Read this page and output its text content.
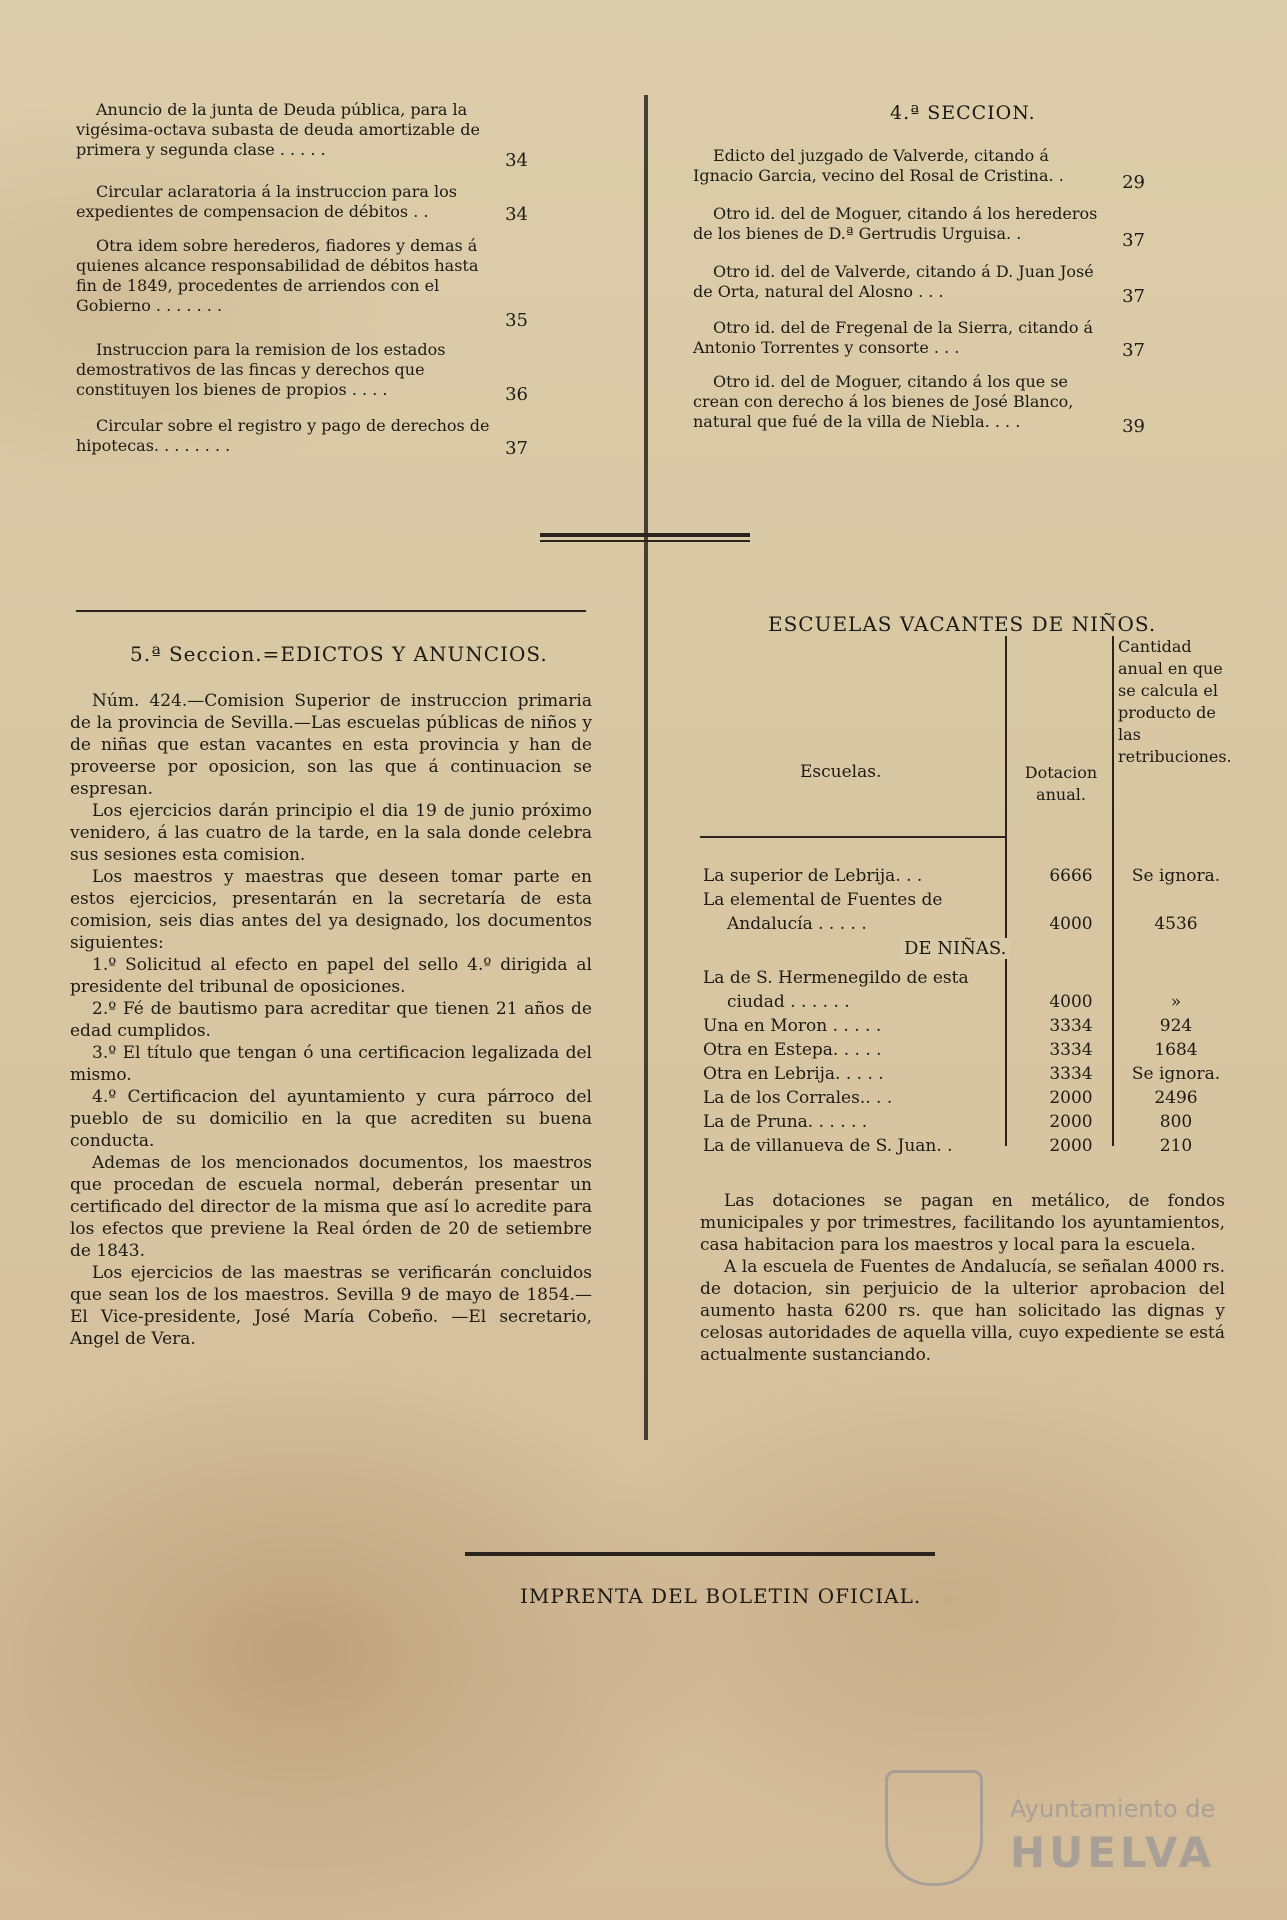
Anuncio de la junta de Deuda pública, para la vigésima-octava subasta de deuda amortizable de primera y segunda clase . . . . .
34
Circular aclaratoria á la instruccion para los expedientes de compensacion de débitos . .	34
Otra idem sobre herederos, fiadores y demas á quienes alcance responsabilidad de débitos hasta fin de 1849, procedentes de arriendos con el Gobierno . . . . . . .
35
Instruccion para la remision de los estados demostrativos de las fincas y derechos que constituyen los bienes de propios . . . .	36
Circular sobre el registro y pago de derechos de hipotecas. . . . . . . .	37
4.ª SECCION.
Edicto del juzgado de Valverde, citando á Ignacio Garcia, vecino del Rosal de Cristina. .	29
Otro id. del de Moguer, citando á los herederos de los bienes de D.ª Gertrudis Urguisa. .	37
Otro id. del de Valverde, citando á D. Juan José de Orta, natural del Alosno . . .	37
Otro id. del de Fregenal de la Sierra, citando á Antonio Torrentes y consorte . . .	37
Otro id. del de Moguer, citando á los que se crean con derecho á los bienes de José Blanco, natural que fué de la villa de Niebla. . . .	39
5.ª Seccion.=EDICTOS Y ANUNCIOS.

Núm. 424.—Comision Superior de instruccion primaria de la provincia de Sevilla.—Las escuelas públicas de niños y de niñas que estan vacantes en esta provincia y han de proveerse por oposicion, son las que á continuacion se espresan.

Los ejercicios darán principio el dia 19 de junio próximo venidero, á las cuatro de la tarde, en la sala donde celebra sus sesiones esta comision.

Los maestros y maestras que deseen tomar parte en estos ejercicios, presentarán en la secretaría de esta comision, seis dias antes del ya designado, los documentos siguientes:

1.º Solicitud al efecto en papel del sello 4.º dirigida al presidente del tribunal de oposiciones.

2.º Fé de bautismo para acreditar que tienen 21 años de edad cumplidos.

3.º El título que tengan ó una certificacion legalizada del mismo.

4.º Certificacion del ayuntamiento y cura párroco del pueblo de su domicilio en la que acrediten su buena conducta.

Ademas de los mencionados documentos, los maestros que procedan de escuela normal, deberán presentar un certificado del director de la misma que así lo acredite para los efectos que previene la Real órden de 20 de setiembre de 1843.

Los ejercicios de las maestras se verificarán concluidos que sean los de los maestros. Sevilla 9 de mayo de 1854.—El Vice-presidente, José María Cobeño. —El secretario, Angel de Vera.

ESCUELAS VACANTES DE NIÑOS.
Escuelas.	Dotacion anual.
Cantidad anual en que se calcula el producto de las retribuciones.
La superior de Lebrija. . .	6666	Se ignora.
La elemental de Fuentes de
Andalucía . . . . .	4000	4536
DE NIÑAS.
La de S. Hermenegildo de esta
ciudad . . . . . .	4000	»
Una en Moron . . . . .	3334	924
Otra en Estepa. . . . .	3334	1684
Otra en Lebrija. . . . .	3334	Se ignora.
La de los Corrales.. . .	2000	2496
La de Pruna. . . . . .	2000	800
La de villanueva de S. Juan. .	2000	210

Las dotaciones se pagan en metálico, de fondos municipales y por trimestres, facilitando los ayuntamientos, casa habitacion para los maestros y local para la escuela.

A la escuela de Fuentes de Andalucía, se señalan 4000 rs. de dotacion, sin perjuicio de la ulterior aprobacion del aumento hasta 6200 rs. que han solicitado las dignas y celosas autoridades de aquella villa, cuyo expediente se está actualmente sustanciando.

IMPRENTA DEL BOLETIN OFICIAL.
Ayuntamiento de
HUELVA
